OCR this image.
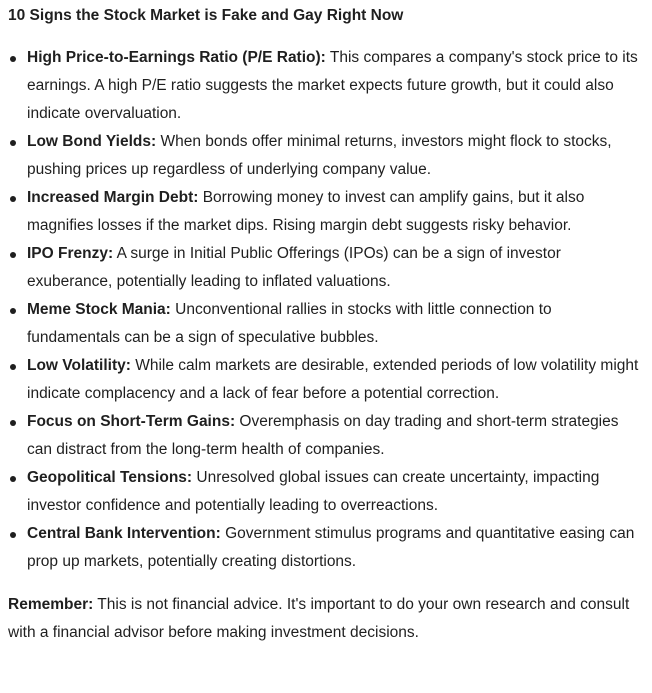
10 Signs the Stock Market is Fake and Gay Right Now
High Price-to-Earnings Ratio (P/E Ratio): This compares a company's stock price to its earnings. A high P/E ratio suggests the market expects future growth, but it could also indicate overvaluation.
Low Bond Yields: When bonds offer minimal returns, investors might flock to stocks, pushing prices up regardless of underlying company value.
Increased Margin Debt: Borrowing money to invest can amplify gains, but it also magnifies losses if the market dips. Rising margin debt suggests risky behavior.
IPO Frenzy: A surge in Initial Public Offerings (IPOs) can be a sign of investor exuberance, potentially leading to inflated valuations.
Meme Stock Mania: Unconventional rallies in stocks with little connection to fundamentals can be a sign of speculative bubbles.
Low Volatility: While calm markets are desirable, extended periods of low volatility might indicate complacency and a lack of fear before a potential correction.
Focus on Short-Term Gains: Overemphasis on day trading and short-term strategies can distract from the long-term health of companies.
Geopolitical Tensions: Unresolved global issues can create uncertainty, impacting investor confidence and potentially leading to overreactions.
Central Bank Intervention: Government stimulus programs and quantitative easing can prop up markets, potentially creating distortions.

Remember: This is not financial advice. It's important to do your own research and consult with a financial advisor before making investment decisions.
